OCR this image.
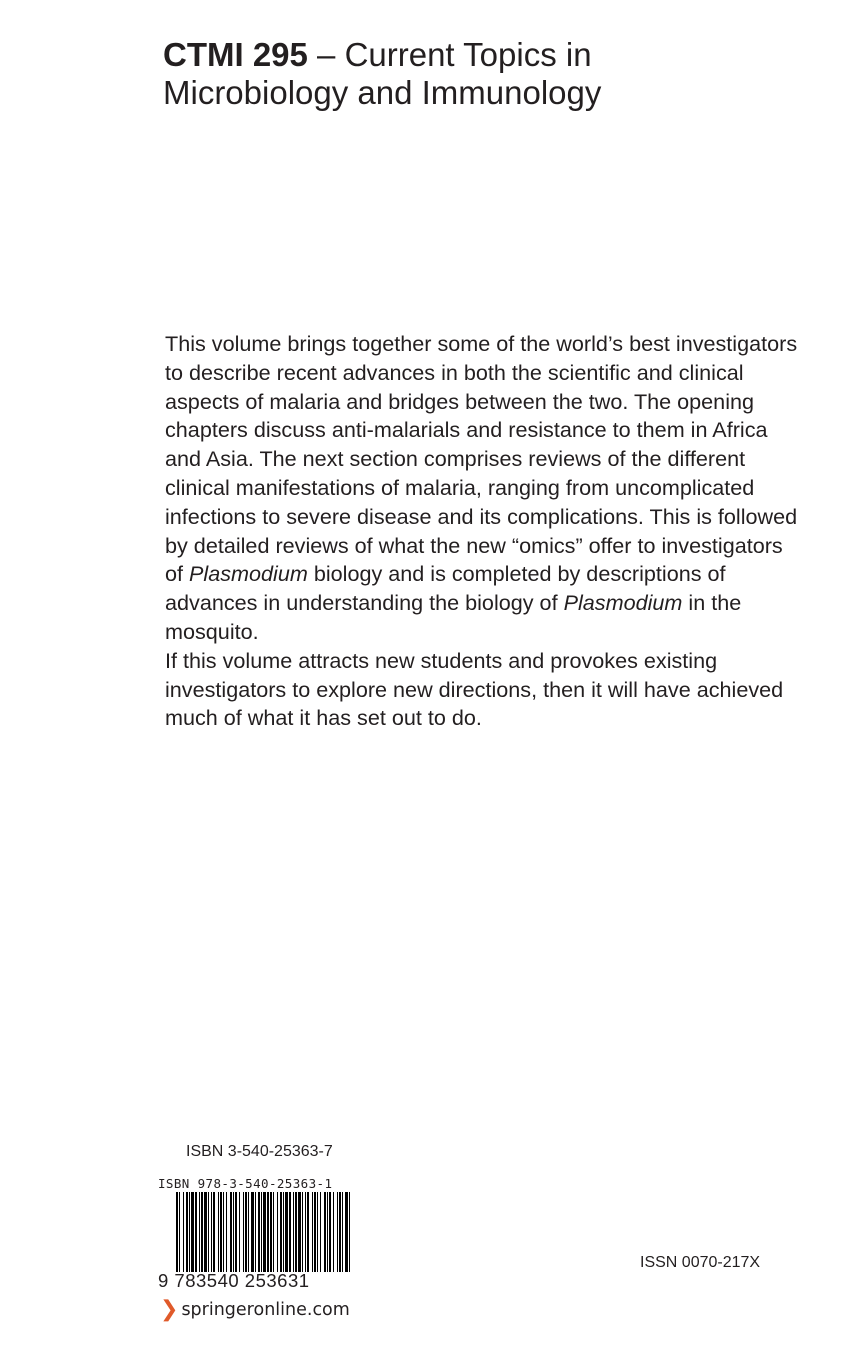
CTMI 295 – Current Topics in Microbiology and Immunology

This volume brings together some of the world’s best investigators to describe recent advances in both the scientific and clinical aspects of malaria and bridges between the two. The opening chapters discuss anti-malarials and resistance to them in Africa and Asia. The next section comprises reviews of the different clinical manifestations of malaria, ranging from uncomplicated infections to severe disease and its complications. This is followed by detailed reviews of what the new “omics” offer to investigators of Plasmodium biology and is completed by descriptions of advances in understanding the biology of Plasmodium in the mosquito.

If this volume attracts new students and provokes existing investigators to explore new directions, then it will have achieved much of what it has set out to do.

ISBN 3-540-25363-7

ISBN 978-3-540-25363-1
9 783540 253631

ISSN 0070-217X

❯ springeronline.com
